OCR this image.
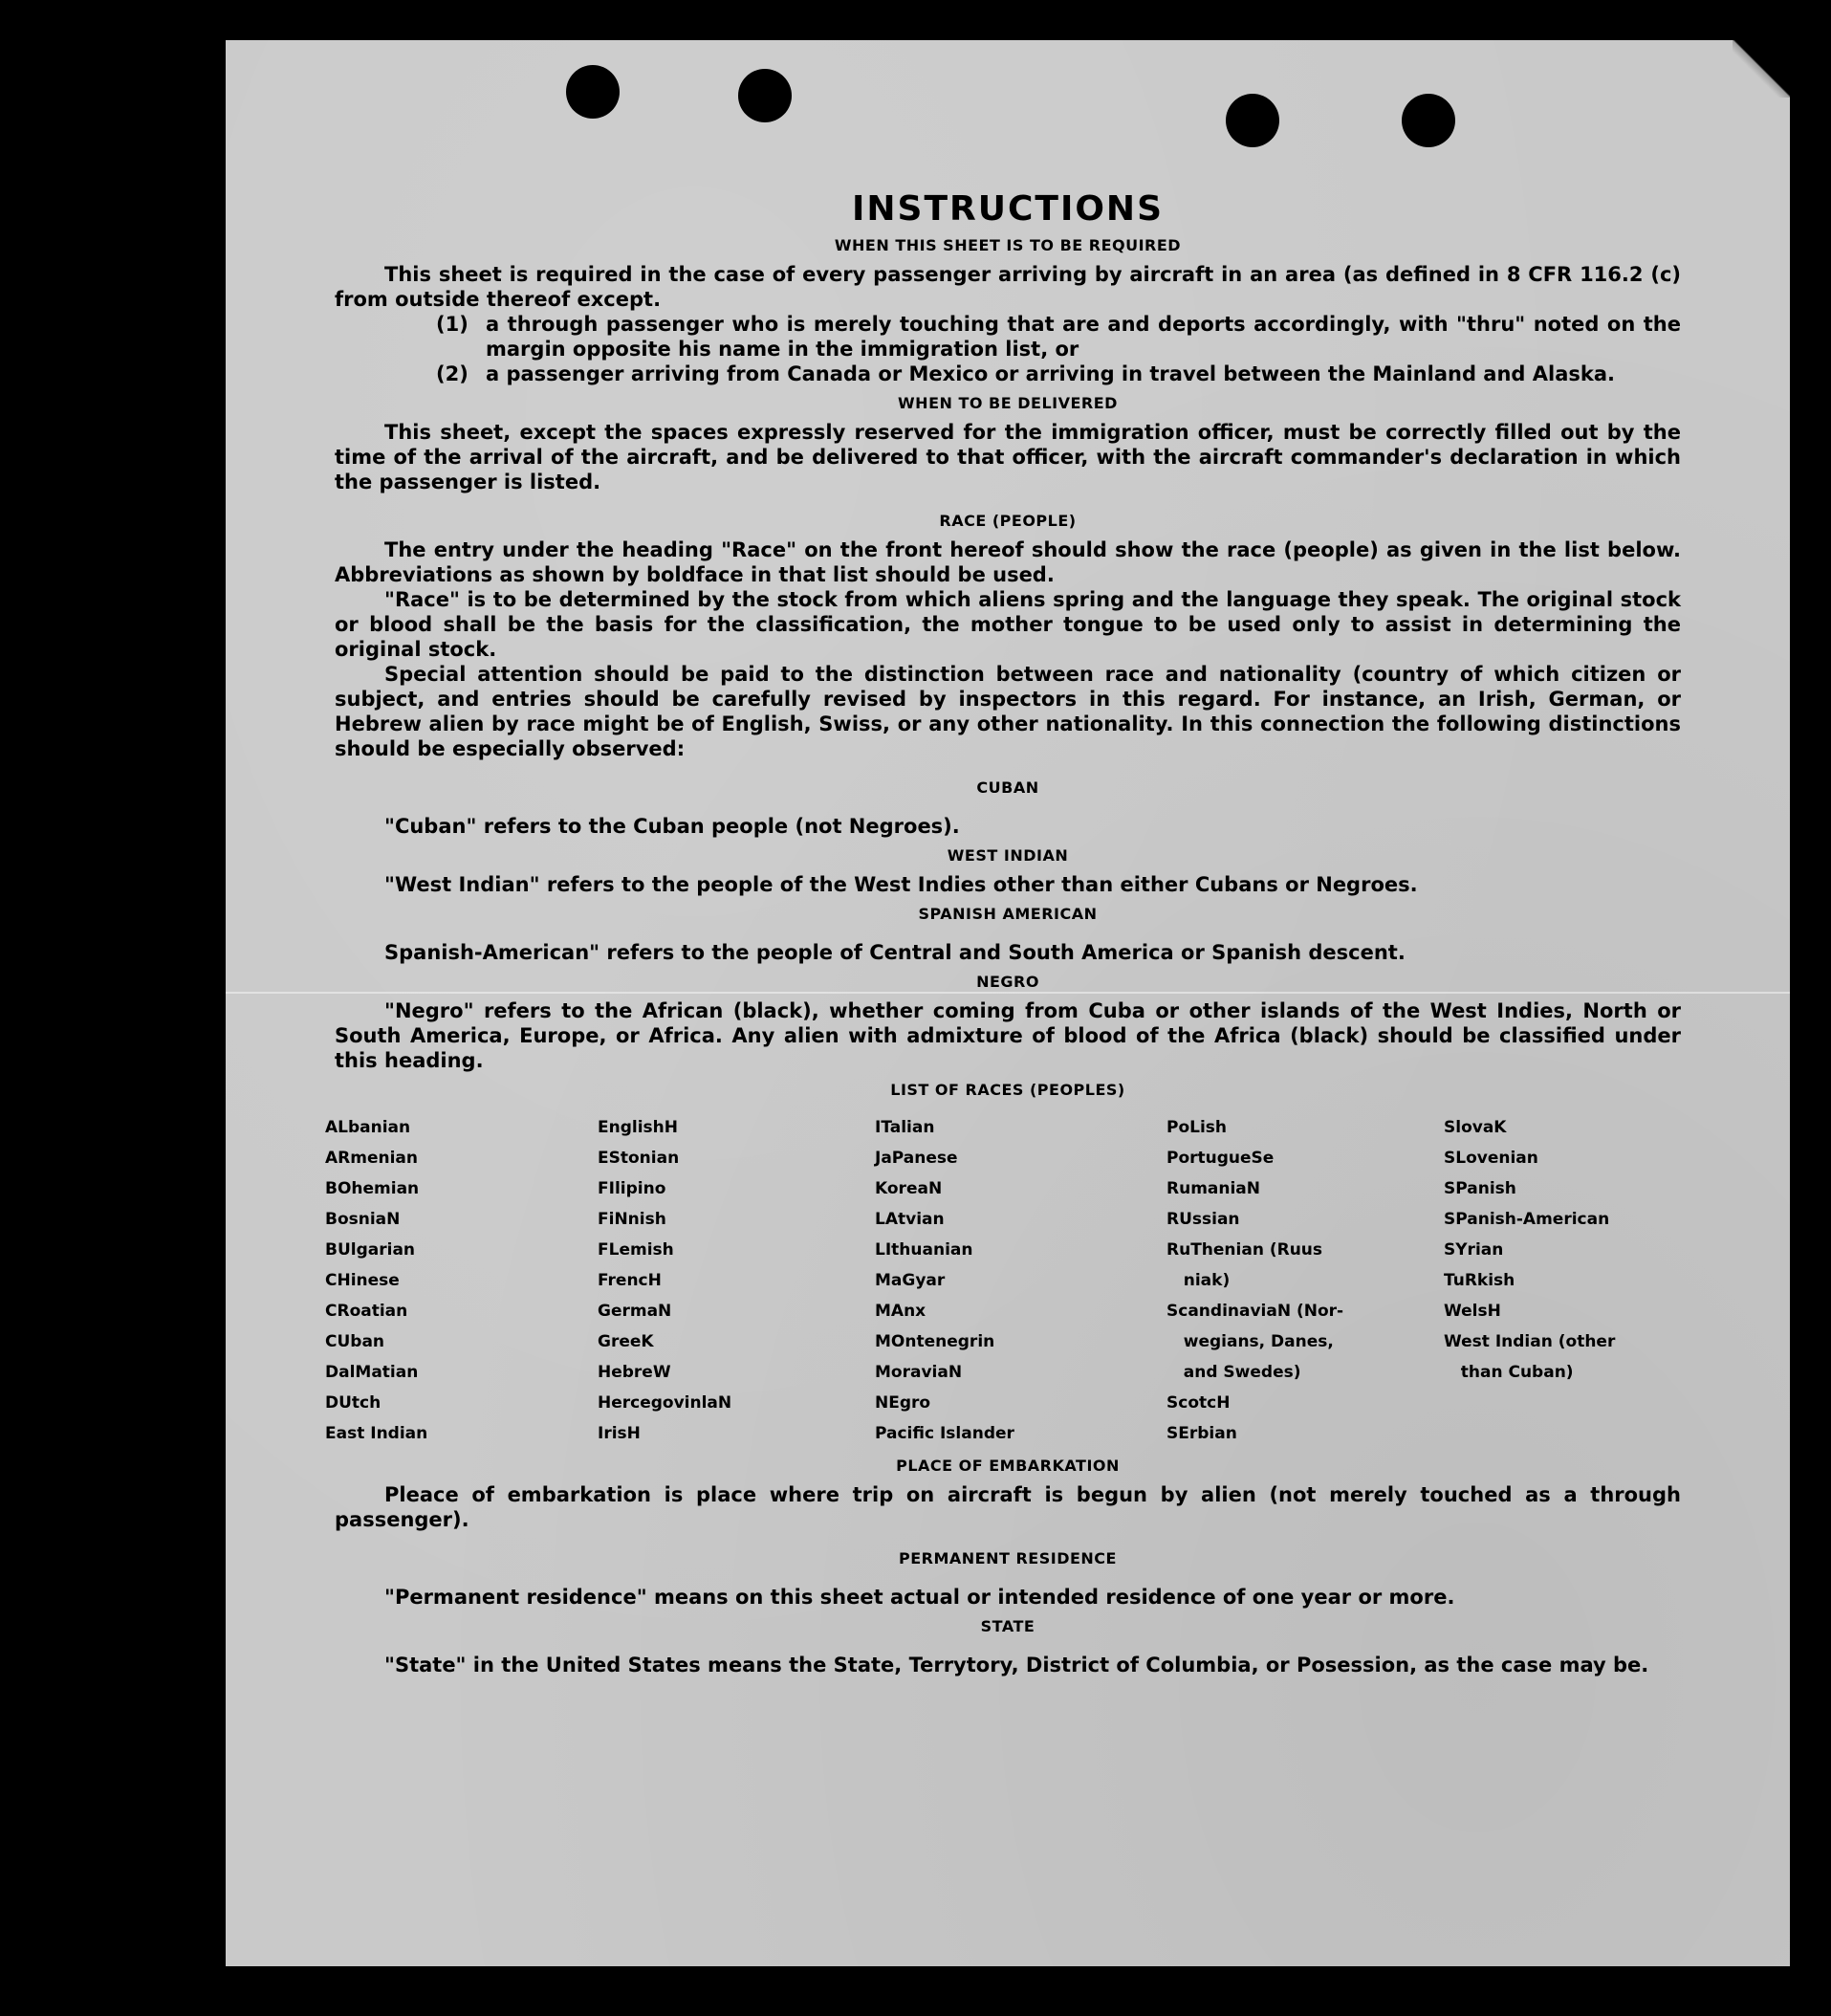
INSTRUCTIONS
WHEN THIS SHEET IS TO BE REQUIRED

This sheet is required in the case of every passenger arriving by aircraft in an area (as defined in 8 CFR 116.2 (c) from outside thereof except.

(1) a through passenger who is merely touching that are and deports accordingly, with "thru" noted on the margin opposite his name in the immigration list, or
(2) a passenger arriving from Canada or Mexico or arriving in travel between the Mainland and Alaska.
WHEN TO BE DELIVERED

This sheet, except the spaces expressly reserved for the immigration officer, must be correctly filled out by the time of the arrival of the aircraft, and be delivered to that officer, with the aircraft commander's declaration in which the passenger is listed.

RACE (PEOPLE)

The entry under the heading "Race" on the front hereof should show the race (people) as given in the list below. Abbreviations as shown by boldface in that list should be used.

"Race" is to be determined by the stock from which aliens spring and the language they speak. The original stock or blood shall be the basis for the classification, the mother tongue to be used only to assist in determining the original stock.

Special attention should be paid to the distinction between race and nationality (country of which citizen or subject, and entries should be carefully revised by inspectors in this regard. For instance, an Irish, German, or Hebrew alien by race might be of English, Swiss, or any other nationality. In this connection the following distinctions should be especially observed:

CUBAN

"Cuban" refers to the Cuban people (not Negroes).

WEST INDIAN

"West Indian" refers to the people of the West Indies other than either Cubans or Negroes.

SPANISH AMERICAN

Spanish-American" refers to the people of Central and South America or Spanish descent.

NEGRO

"Negro" refers to the African (black), whether coming from Cuba or other islands of the West Indies, North or South America, Europe, or Africa. Any alien with admixture of blood of the Africa (black) should be classified under this heading.

LIST OF RACES (PEOPLES)
ALbanian
ARmenian
BOhemian
BosniaN
BUlgarian
CHinese
CRoatian
CUban
DalMatian
DUtch
East Indian
EnglishH
EStonian
FIlipino
FiNnish
FLemish
FrencH
GermaN
GreeK
HebreW
HercegovinlaN
IrisH
ITalian
JaPanese
KoreaN
LAtvian
LIthuanian
MaGyar
MAnx
MOntenegrin
MoraviaN
NEgro
Pacific Islander
PoLish
PortugueSe
RumaniaN
RUssian
RuThenian (Ruus
niak)
ScandinaviaN (Nor-
wegians, Danes,
and Swedes)
ScotcH
SErbian
SlovaK
SLovenian
SPanish
SPanish-American
SYrian
TuRkish
WelsH
West Indian (other
than Cuban)
PLACE OF EMBARKATION

Pleace of embarkation is place where trip on aircraft is begun by alien (not merely touched as a through passenger).

PERMANENT RESIDENCE

"Permanent residence" means on this sheet actual or intended residence of one year or more.

STATE

"State" in the United States means the State, Terrytory, District of Columbia, or Posession, as the case may be.
